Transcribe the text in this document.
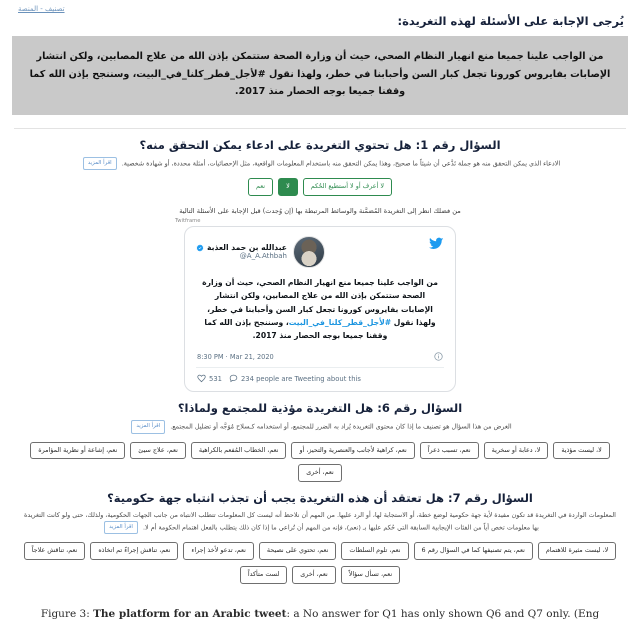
تصنيف - المنصة
يُرجى الإجابة على الأسئلة لهذه التغريدة:
من الواجب علينا جميعا منع انهيار النظام الصحي، حيث أن وزارة الصحة ستتمكن بإذن الله من علاج المصابين، ولكن انتشار الإصابات بفايروس كورونا تجعل كبار السن وأحبابنا في خطر، ولهذا نقول #لأجل_قطر_كلنا_في_البيت، وسننجح بإذن الله كما وقفنا جميعا بوجه الحصار منذ 2017.
السؤال رقم 1: هل تحتوي التغريدة على ادعاء يمكن التحقق منه؟
الادعاء الذي يمكن التحقق منه هو جملة تَدَّعي أن شيئاً ما صحيح، وهذا يمكن التحقق منه باستخدام المعلومات الواقعية، مثل الإحصائيات، أمثلة محددة، أو شهادة شخصية. اقرأ المزيد
لا أعرف أو لا أستطيع الحُكم
لا
نعم
من فضلك انظر إلى التغريدة المُضمَّنة والوسائط المرتبطة بها (إن وُجدت) قبل الإجابة على الأسئلة التالية
Twitframe
عبدالله بن حمد العذبة
@A_A.Athbah
من الواجب علينا جميعا منع انهيار النظام الصحي، حيث أن وزارة الصحة ستتمكن بإذن الله من علاج المصابين، ولكن انتشار الإصابات بفايروس كورونا تجعل كبار السن وأحبابنا في خطر، ولهذا نقول #لأجل_قطر_كلنا_في_البيت، وسننجح بإذن الله كما وقفنا جميعا بوجه الحصار منذ 2017.
8:30 PM · Mar 21, 2020
531	234 people are Tweeting about this
السؤال رقم 6: هل التغريدة مؤذية للمجتمع ولماذا؟
الغرض من هذا السؤال هو تصنيف ما إذا كان محتوى التغريدة يُراد به الضرر للمجتمع، أو استخدامه كـسلاح مُوَجَّه أو تضليل المجتمع. اقرأ المزيد
لا، ليست مؤذية
لا، دعابة أو سخرية
نعم، تسبب ذعراً
نعم، كراهية لأجانب والعنصرية والتحيز، أو
نعم، الخطاب المُفعم بالكراهية
نعم، علاج سيئ
نعم، إشاعة أو نظرية المؤامرة
نعم، أخرى
السؤال رقم 7: هل تعتقد أن هذه التغريدة يجب أن تجذب انتباه جهة حكومية؟
المعلومات الواردة في التغريدة قد تكون مفيدة لأية جهة حكومية لوضع خطة، أو الاستجابة لها، أو الرد عليها. من المهم أن نلاحظ أنه ليست كل المعلومات تتطلب الانتباه من جانب الجهات الحكومية، ولذلك، حتى ولو كانت التغريدة بها معلومات تخص أياً من الفئات الإيجابية السابقة التي حُكم عليها بـ (نعم)، فإنه من المهم أن تُراعي ما إذا كان ذلك يتطلب بالفعل اهتمام الحكومة أم لا. اقرأ المزيد
لا، ليست مثيرة للاهتمام
نعم، يتم تصنيفها كما في السؤال رقم 6
نعم، تلوم السلطات
نعم، تحتوي على نصيحة
نعم، تدعو لأخذ إجراء
نعم، تناقش إجراءً تم اتخاذه
نعم، تناقش علاجاً
نعم، تسأل سؤالاً
نعم، أخرى
لست متأكداً
Figure 3: The platform for an Arabic tweet: a No answer for Q1 has only shown Q6 and Q7 only. (Eng
